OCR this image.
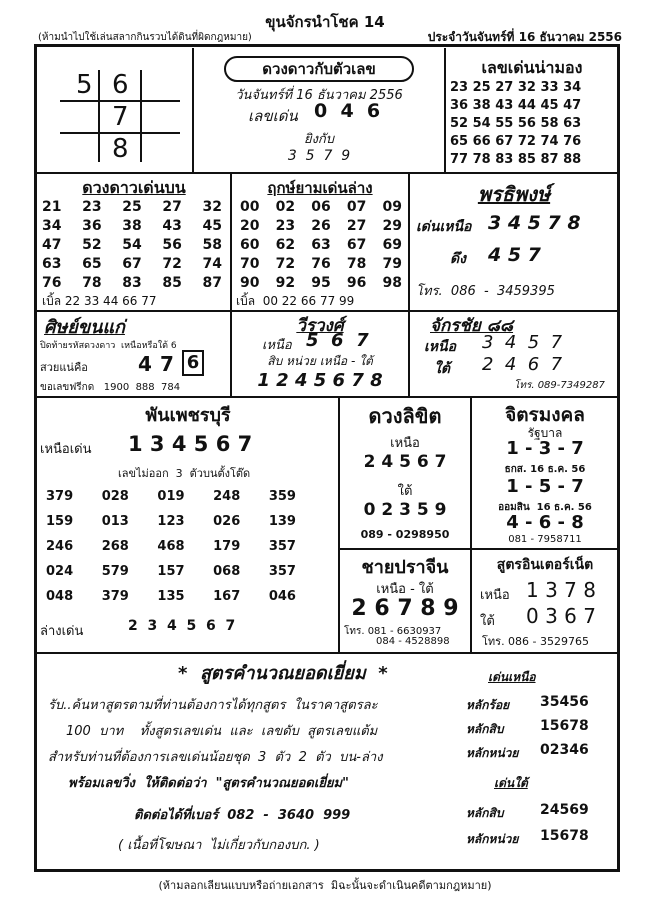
ขุนจักรนำโชค 14
(ห้ามนำไปใช้เล่นสลากกินรวบได้ดินที่ผิดกฎหมาย)	ประจำวันจันทร์ที่ 16 ธันวาคม 2556
5 6
7
8
ดวงดาวกับตัวเลข
วันจันทร์ที่ 16 ธันวาคม 2556
เลขเด่น 0  4  6
ยิงกับ
3  5  7  9
เลขเด่นน่ามอง
23 25 27 32 33 34
36 38 43 44 45 47
52 54 55 56 58 63
65 66 67 72 74 76
77 78 83 85 87 88
ดวงดาวเด่นบน
21 23 25 27 32
34 36 38 43 45
47 52 54 56 58
63 65 67 72 74
76 78 83 85 87
เบิ้ล 22 33 44 66 77
ฤกษ์ยามเด่นล่าง
00 02 06 07 09
20 23 26 27 29
60 62 63 67 69
70 72 76 78 79
90 92 95 96 98
เบิ้ล  00 22 66 77 99
พรธิพงษ์
เด่นเหนือ 3 4 5 7 8
ดึง 4 5 7
โทร.  086  -  3459395
ศิษย์ขนแก่
ปิดท้ายรหัสดวงดาว  เหนือหรือใต้ 6
สวยแน่คือ	4 7 6
ขอเลขฟรีกด   1900  888  784
วีรวงศ์
เหนือ 5  6  7
สิบ หน่วย เหนือ - ใต้
1 2 4 5 6 7 8
จักรชัย ๘๘
เหนือ 3  4  5  7
ใต้ 2  4  6  7
โทร. 089-7349287
พันเพชรบุรี
เหนือเด่น 1 3 4 5 6 7
เลขไม่ออก  3  ตัวบนตั้งโต๊ด
379 028 019 248 359
159 013 123 026 139
246 268 468 179 357
024 579 157 068 357
048 379 135 167 046
ล่างเด่น	2  3  4  5  6  7
ดวงลิขิต
เหนือ
2 4 5 6 7
ใต้
0 2 3 5 9
089 - 0298950
จิตรมงคล
รัฐบาล
1 - 3 - 7
ธกส. 16 ธ.ค. 56
1 - 5 - 7
ออมสิน  16 ธ.ค. 56
4 - 6 - 8
081 - 7958711
ชายปราจีน
เหนือ - ใต้
2 6 7 8 9
โทร. 081 - 6630937
084 - 4528898
สูตรอินเตอร์เน็ต
เหนือ 1 3 7 8
ใต้ 0 3 6 7
โทร. 086 - 3529765
*  สูตรคำนวณยอดเยี่ยม  *
รับ..ค้นหาสูตรตามที่ท่านต้องการได้ทุกสูตร  ในราคาสูตรละ
100  บาท    ทั้งสูตรเลขเด่น  และ  เลขดับ  สูตรเลขแต้ม
สำหรับท่านที่ต้องการเลขเด่นน้อยชุด  3  ตัว  2  ตัว  บน-ล่าง
พร้อมเลขวิ่ง  ให้ติดต่อว่า  "สูตรคำนวณยอดเยี่ยม"
ติดต่อได้ที่เบอร์  082  -  3640  999
( เนื้อที่โฆษณา  ไม่เกี่ยวกับกองบก. )
เด่นเหนือ
หลักร้อย 35456
หลักสิบ	15678
หลักหน่วย 02346
เด่นใต้
หลักสิบ	24569
หลักหน่วย 15678
(ห้ามลอกเลียนแบบหรือถ่ายเอกสาร  มิฉะนั้นจะดำเนินคดีตามกฎหมาย)
